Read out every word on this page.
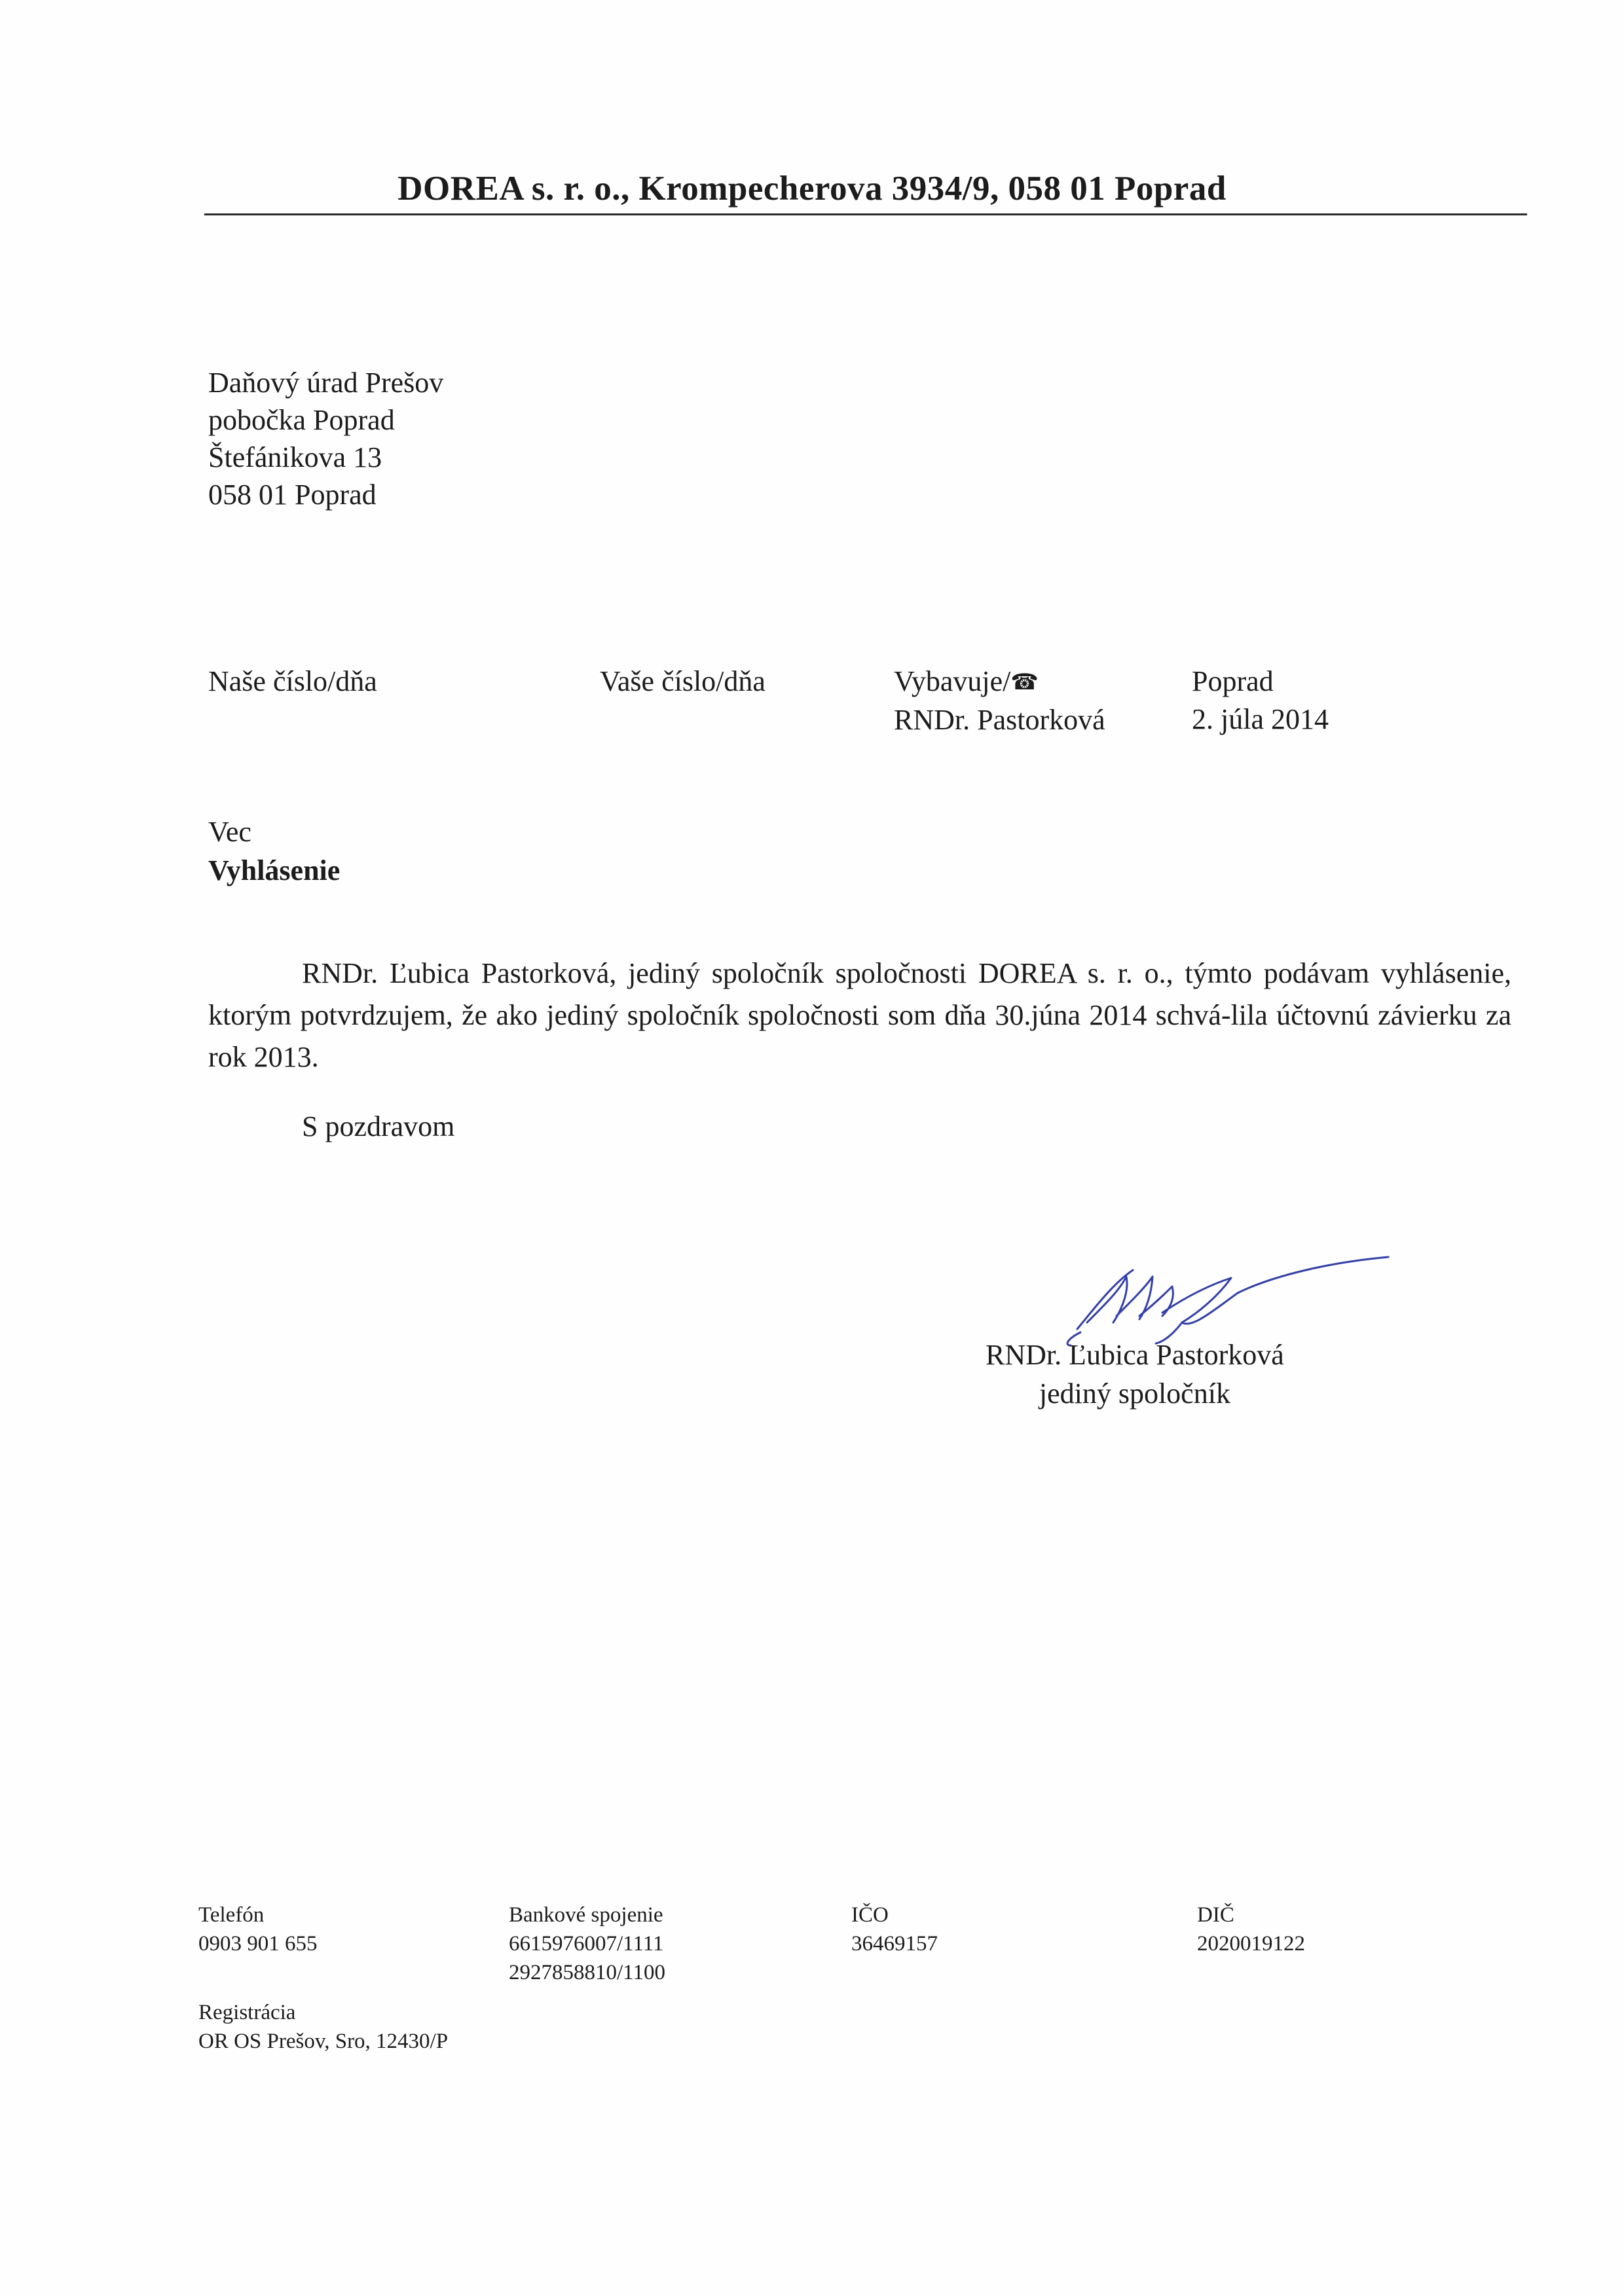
DOREA s. r. o., Krompecherova 3934/9, 058 01 Poprad
Daňový úrad Prešov
pobočka Poprad
Štefánikova 13
058 01 Poprad
Naše číslo/dňa	Vaše číslo/dňa	Vybavuje/☎
RNDr. Pastorková
Poprad
2. júla 2014
Vec
Vyhlásenie

RNDr. Ľubica Pastorková, jediný spoločník spoločnosti DOREA s. r. o., týmto podávam vyhlásenie, ktorým potvrdzujem, že ako jediný spoločník spoločnosti som dňa 30.júna 2014 schvá-lila účtovnú závierku za rok 2013.

S pozdravom
RNDr. Ľubica Pastorková
jediný spoločník
Telefón
0903 901 655
Bankové spojenie
6615976007/1111
2927858810/1100
IČO
36469157
DIČ
2020019122
Registrácia
OR OS Prešov, Sro, 12430/P
